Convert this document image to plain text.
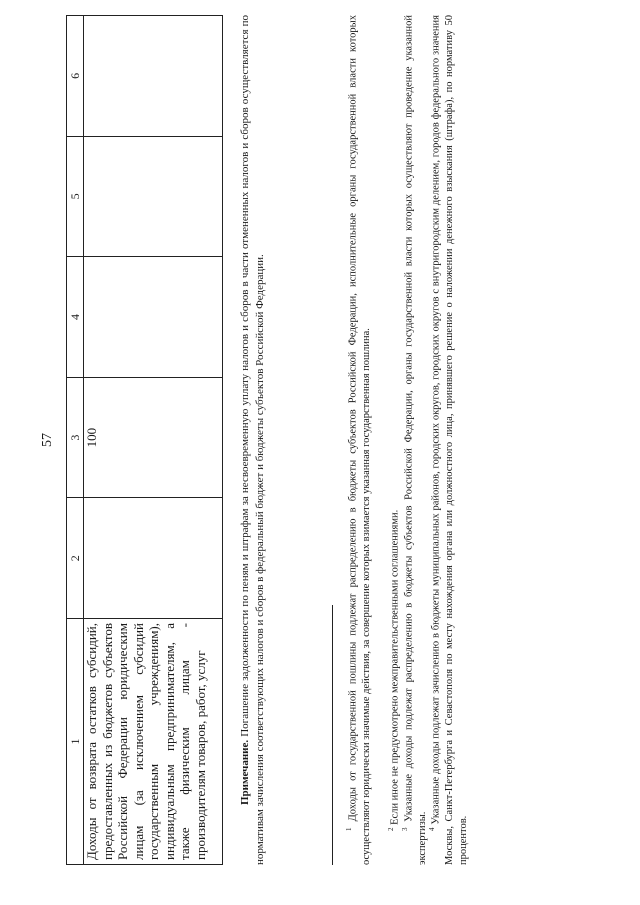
57
1	2	3	4	5	6
Доходы от возврата остатков субсидий, предоставленных из бюджетов субъектов Российской Федерации юридическим лицам (за исключением субсидий государственным учреждениям), индивидуальным предпринимателям, а также физическим лицам - производителям товаров, работ, услуг		100			
Примечание. Погашение задолженности по пеням и штрафам за несвоевременную уплату налогов и сборов в части отмененных налогов и сборов осуществляется по нормативам зачисления соответствующих налогов и сборов в федеральный бюджет и бюджеты субъектов Российской Федерации.	$^1$ Доходы от государственной пошлины подлежат распределению в бюджеты субъектов Российской Федерации, исполнительные органы государственной власти которых осуществляют юридически значимые действия, за совершение которых взимается указанная государственная пошлина. $^2$ Если иное не предусмотрено межправительственными соглашениями.
$^3$ Указанные доходы подлежат распределению в бюджеты субъектов Российской Федерации, органы государственной власти которых осуществляют проведение указанной экспертизы. $^4$ Указанные доходы подлежат зачислению в бюджеты муниципальных районов, городских округов, городских округов с внутригородским делением, городов федерального значения Москвы, Санкт-Петербурга и Севастополя по месту нахождения органа или должностного лица, принявшего решение о наложении денежного взыскания (штрафа), по нормативу 50 процентов.
